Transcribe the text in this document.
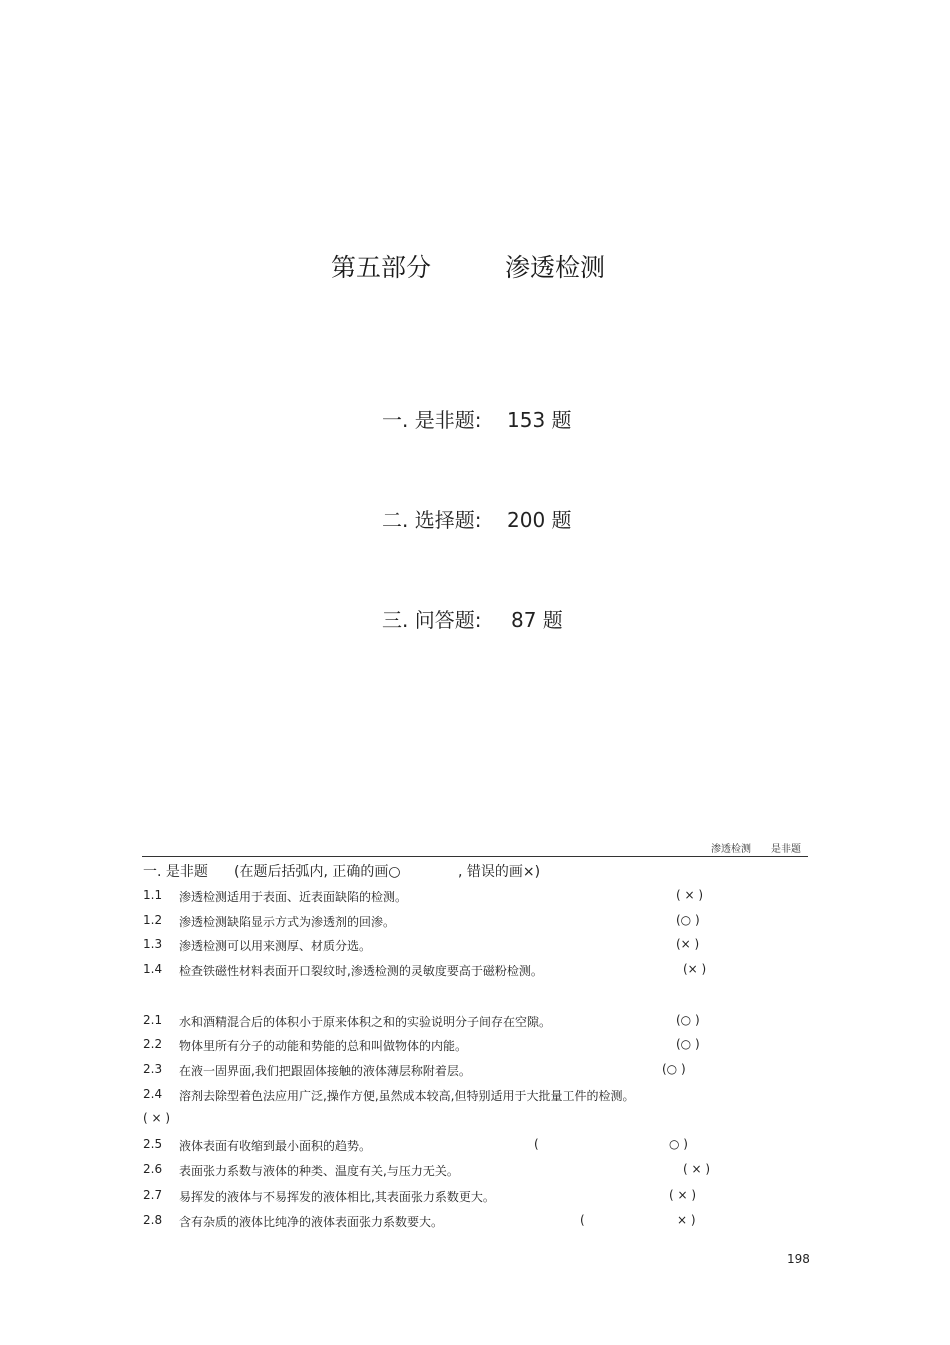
第五部分	渗透检测
一. 是非题: 153 题
二. 选择题: 200 题
三. 问答题: 87 题
渗透检测 是非题
一. 是非题 (在题后括弧内, 正确的画○	, 错误的画×)
1.1 渗透检测适用于表面、近表面缺陷的检测。	( × )
1.2 渗透检测缺陷显示方式为渗透剂的回渗。	(○ )
1.3 渗透检测可以用来测厚、材质分选。	(× )
1.4 检查铁磁性材料表面开口裂纹时,渗透检测的灵敏度要高于磁粉检测。	(× )
2.1 水和酒精混合后的体积小于原来体积之和的实验说明分子间存在空隙。	(○ )
2.2 物体里所有分子的动能和势能的总和叫做物体的内能。	(○ )
2.3 在液一固界面,我们把跟固体接触的液体薄层称附着层。	(○ )
2.4 溶剂去除型着色法应用广泛,操作方便,虽然成本较高,但特别适用于大批量工件的检测。
( × )
2.5 液体表面有收缩到最小面积的趋势。	(	○ )
2.6 表面张力系数与液体的种类、温度有关,与压力无关。	( × )
2.7 易挥发的液体与不易挥发的液体相比,其表面张力系数更大。	( × )
2.8 含有杂质的液体比纯净的液体表面张力系数要大。	(	× )
198
